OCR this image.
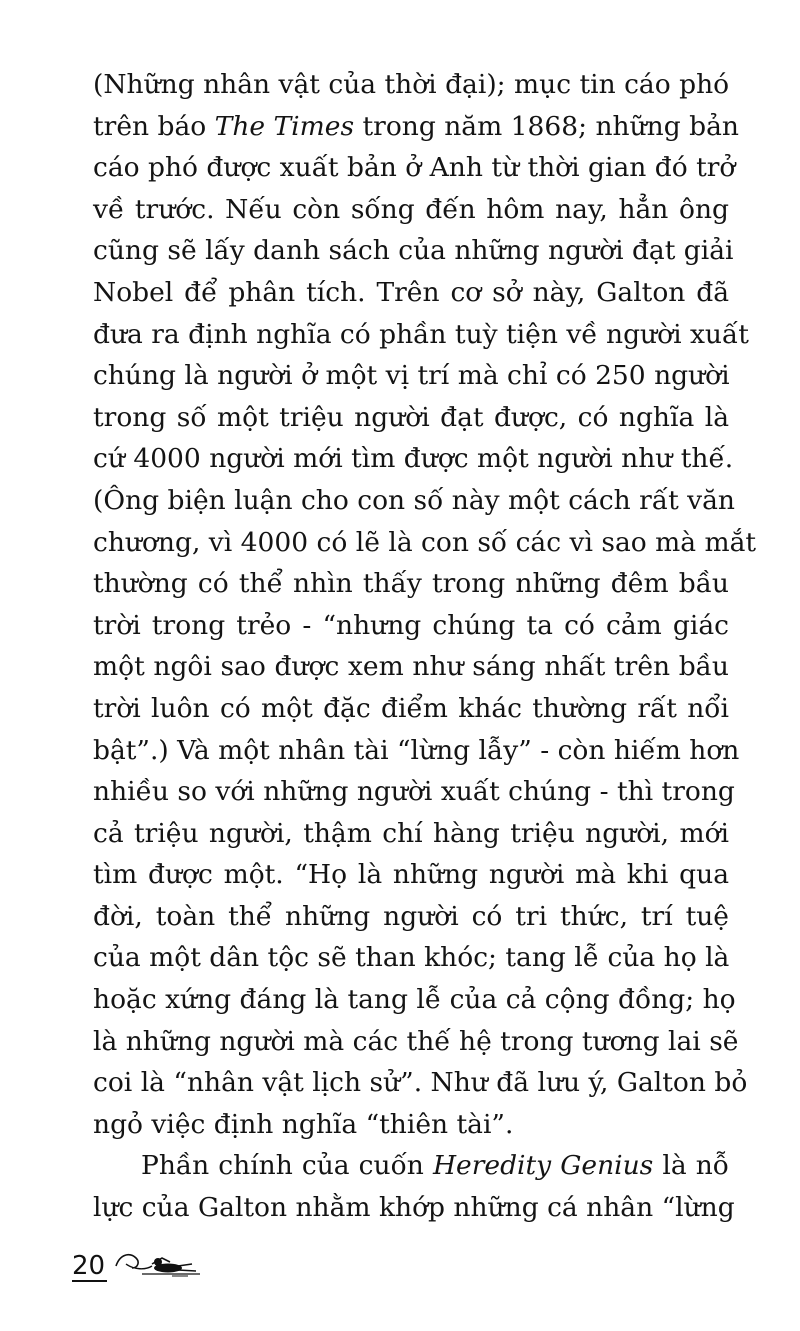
(Những nhân vật của thời đại); mục tin cáo phó
trên báo The Times trong năm 1868; những bản
cáo phó được xuất bản ở Anh từ thời gian đó trở
về trước. Nếu còn sống đến hôm nay, hẳn ông
cũng sẽ lấy danh sách của những người đạt giải
Nobel để phân tích. Trên cơ sở này, Galton đã
đưa ra định nghĩa có phần tuỳ tiện về người xuất
chúng là người ở một vị trí mà chỉ có 250 người
trong số một triệu người đạt được, có nghĩa là
cứ 4000 người mới tìm được một người như thế.
(Ông biện luận cho con số này một cách rất văn
chương, vì 4000 có lẽ là con số các vì sao mà mắt
thường có thể nhìn thấy trong những đêm bầu
trời trong trẻo - “nhưng chúng ta có cảm giác
một ngôi sao được xem như sáng nhất trên bầu
trời luôn có một đặc điểm khác thường rất nổi
bật”.) Và một nhân tài “lừng lẫy” - còn hiếm hơn
nhiều so với những người xuất chúng - thì trong
cả triệu người, thậm chí hàng triệu người, mới
tìm được một. “Họ là những người mà khi qua
đời, toàn thể những người có tri thức, trí tuệ
của một dân tộc sẽ than khóc; tang lễ của họ là
hoặc xứng đáng là tang lễ của cả cộng đồng; họ
là những người mà các thế hệ trong tương lai sẽ
coi là “nhân vật lịch sử”. Như đã lưu ý, Galton bỏ
ngỏ việc định nghĩa “thiên tài”.
Phần chính của cuốn Heredity Genius là nỗ
lực của Galton nhằm khớp những cá nhân “lừng
20
